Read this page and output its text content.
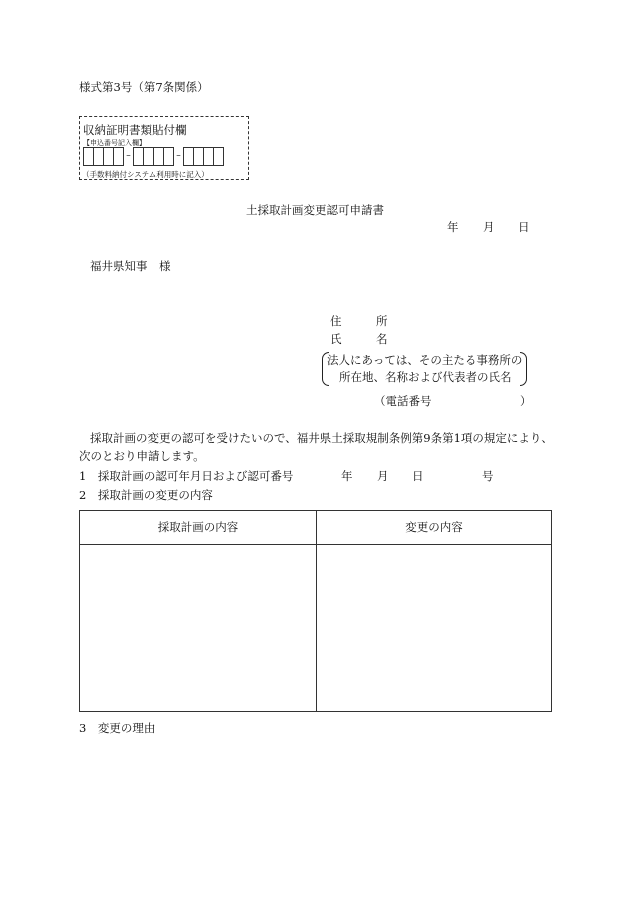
様式第3号（第7条関係）
収納証明書類貼付欄
【申込番号記入欄】
–	–
（手数料納付システム利用時に記入）
土採取計画変更認可申請書
年 月 日
福井県知事　様
住　　　所
氏　　　名
法人にあっては、その主たる事務所の
所在地、名称および代表者の氏名
（電話番号	）
採取計画の変更の認可を受けたいので、福井県土採取規制条例第9条第1項の規定により、
次のとおり申請します。
1　採取計画の認可年月日および認可番号	年 月 日	号
2　採取計画の変更の内容
採取計画の内容	変更の内容
3　変更の理由
